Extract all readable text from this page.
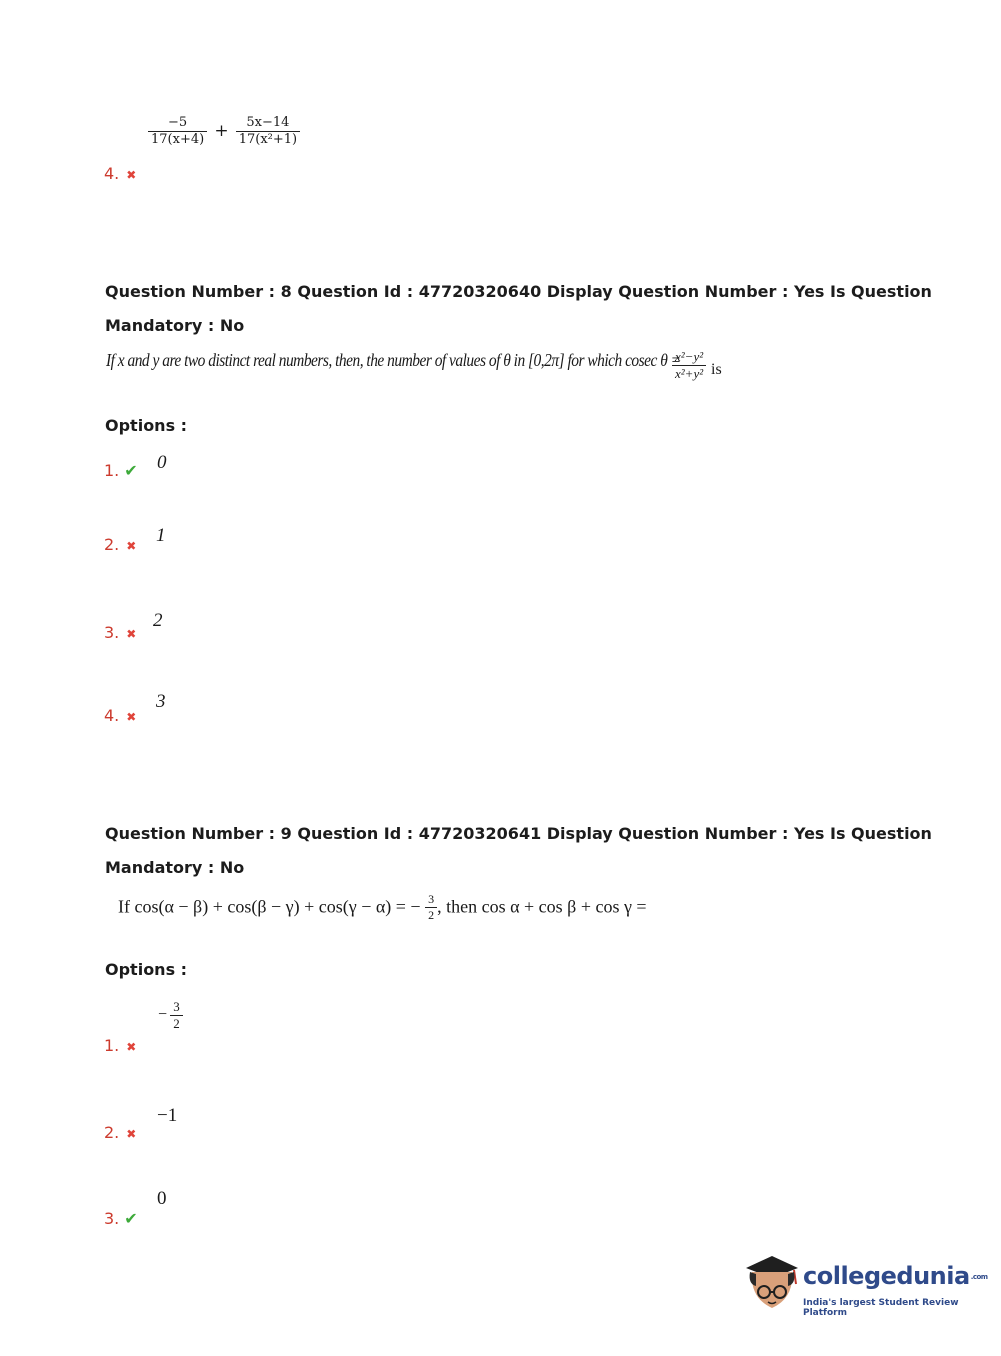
$\frac{-5}{17(x+4)} + \frac{5x-14}{\text{17(x²+1)}}$
4. ✖
Question Number : 8 Question Id : 47720320640 Display Question Number : Yes Is Question
Mandatory : No
If x and y are two distinct real numbers, then, the number of values of θ in [0,2π] for which cosec θ =
$\frac{\text{x²−y²}}{\text{x²+y²}}$ is
Options :
1. ✔ 0
2. ✖ 1
3. ✖
2
4. ✖
3
Question Number : 9 Question Id : 47720320641 Display Question Number : Yes Is Question
Mandatory : No
If cos(α − β) + cos(β − γ) + cos(γ − α) = − $\frac{3}{2}$ , then cos α + cos β + cos γ =
Options :
− $\frac{3}{2}$
1. ✖
−1
2. ✖
0
3. ✔
collegedunia.com
India's largest Student Review Platform
